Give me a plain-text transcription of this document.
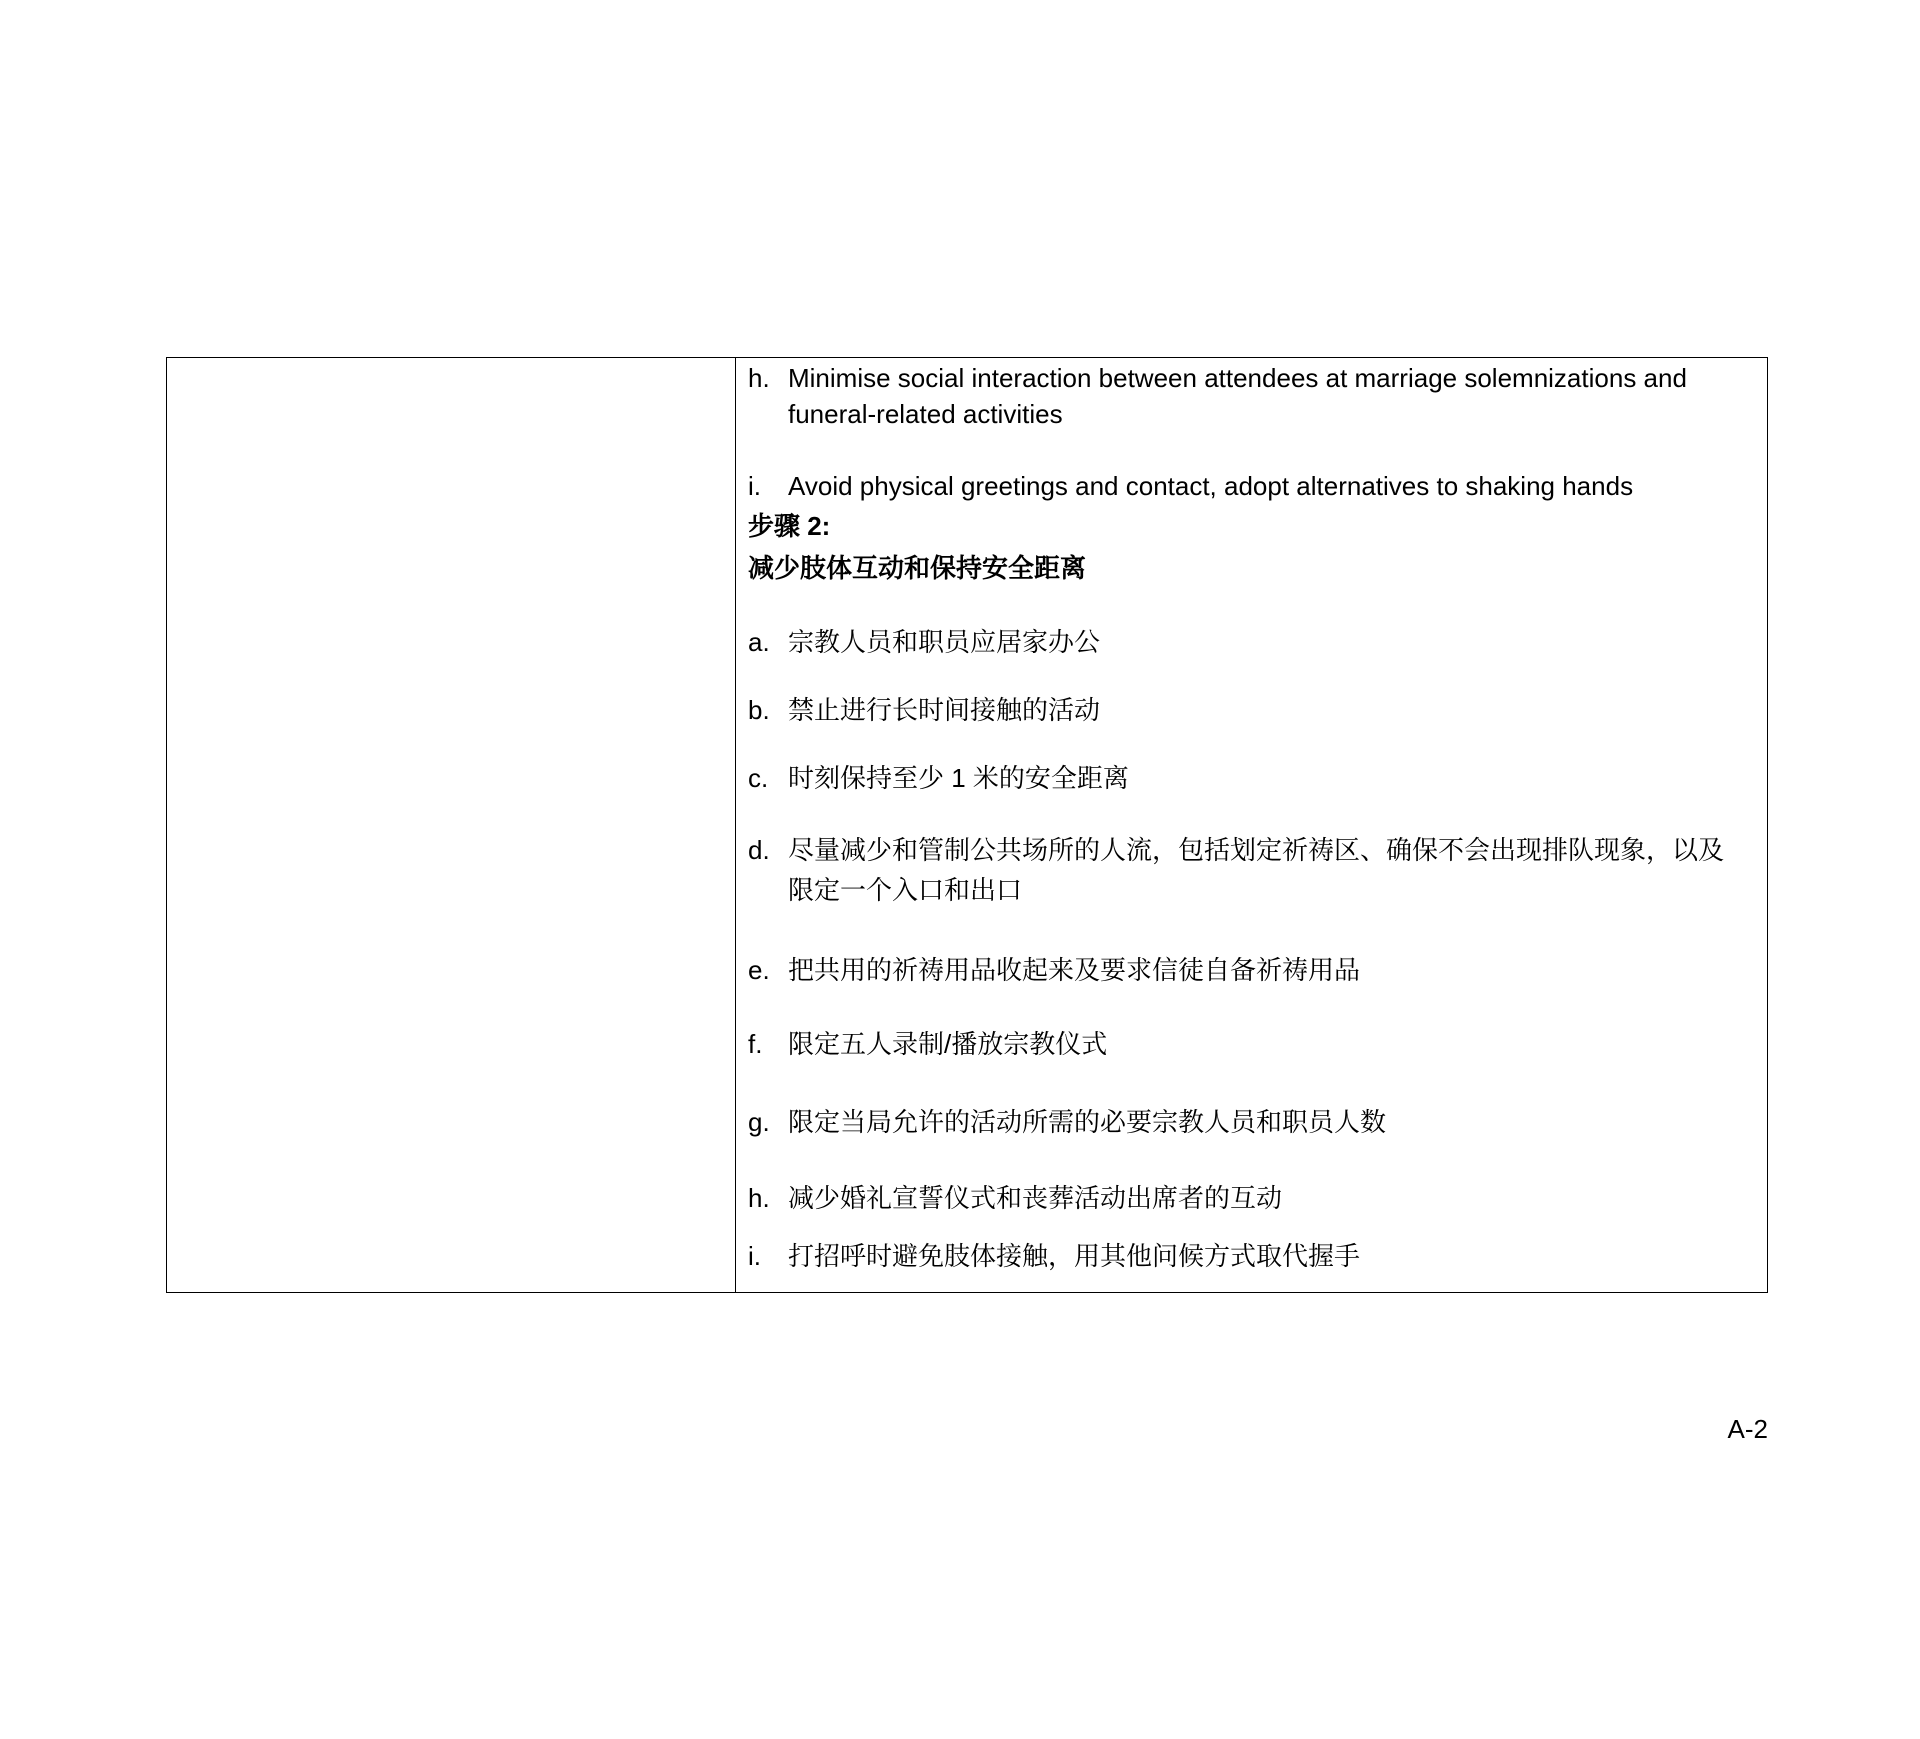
h. Minimise social interaction between attendees at marriage solemnizations and funeral-related activities
i. Avoid physical greetings and contact, adopt alternatives to shaking hands
步骤 2:
减少肢体互动和保持安全距离
a. 宗教人员和职员应居家办公
b. 禁止进行长时间接触的活动
c. 时刻保持至少 1 米的安全距离
d. 尽量减少和管制公共场所的人流，包括划定祈祷区、确保不会出现排队现象，以及限定一个入口和出口
e. 把共用的祈祷用品收起来及要求信徒自备祈祷用品
f. 限定五人录制/播放宗教仪式
g. 限定当局允许的活动所需的必要宗教人员和职员人数
h. 减少婚礼宣誓仪式和丧葬活动出席者的互动
i. 打招呼时避免肢体接触，用其他问候方式取代握手
A-2
